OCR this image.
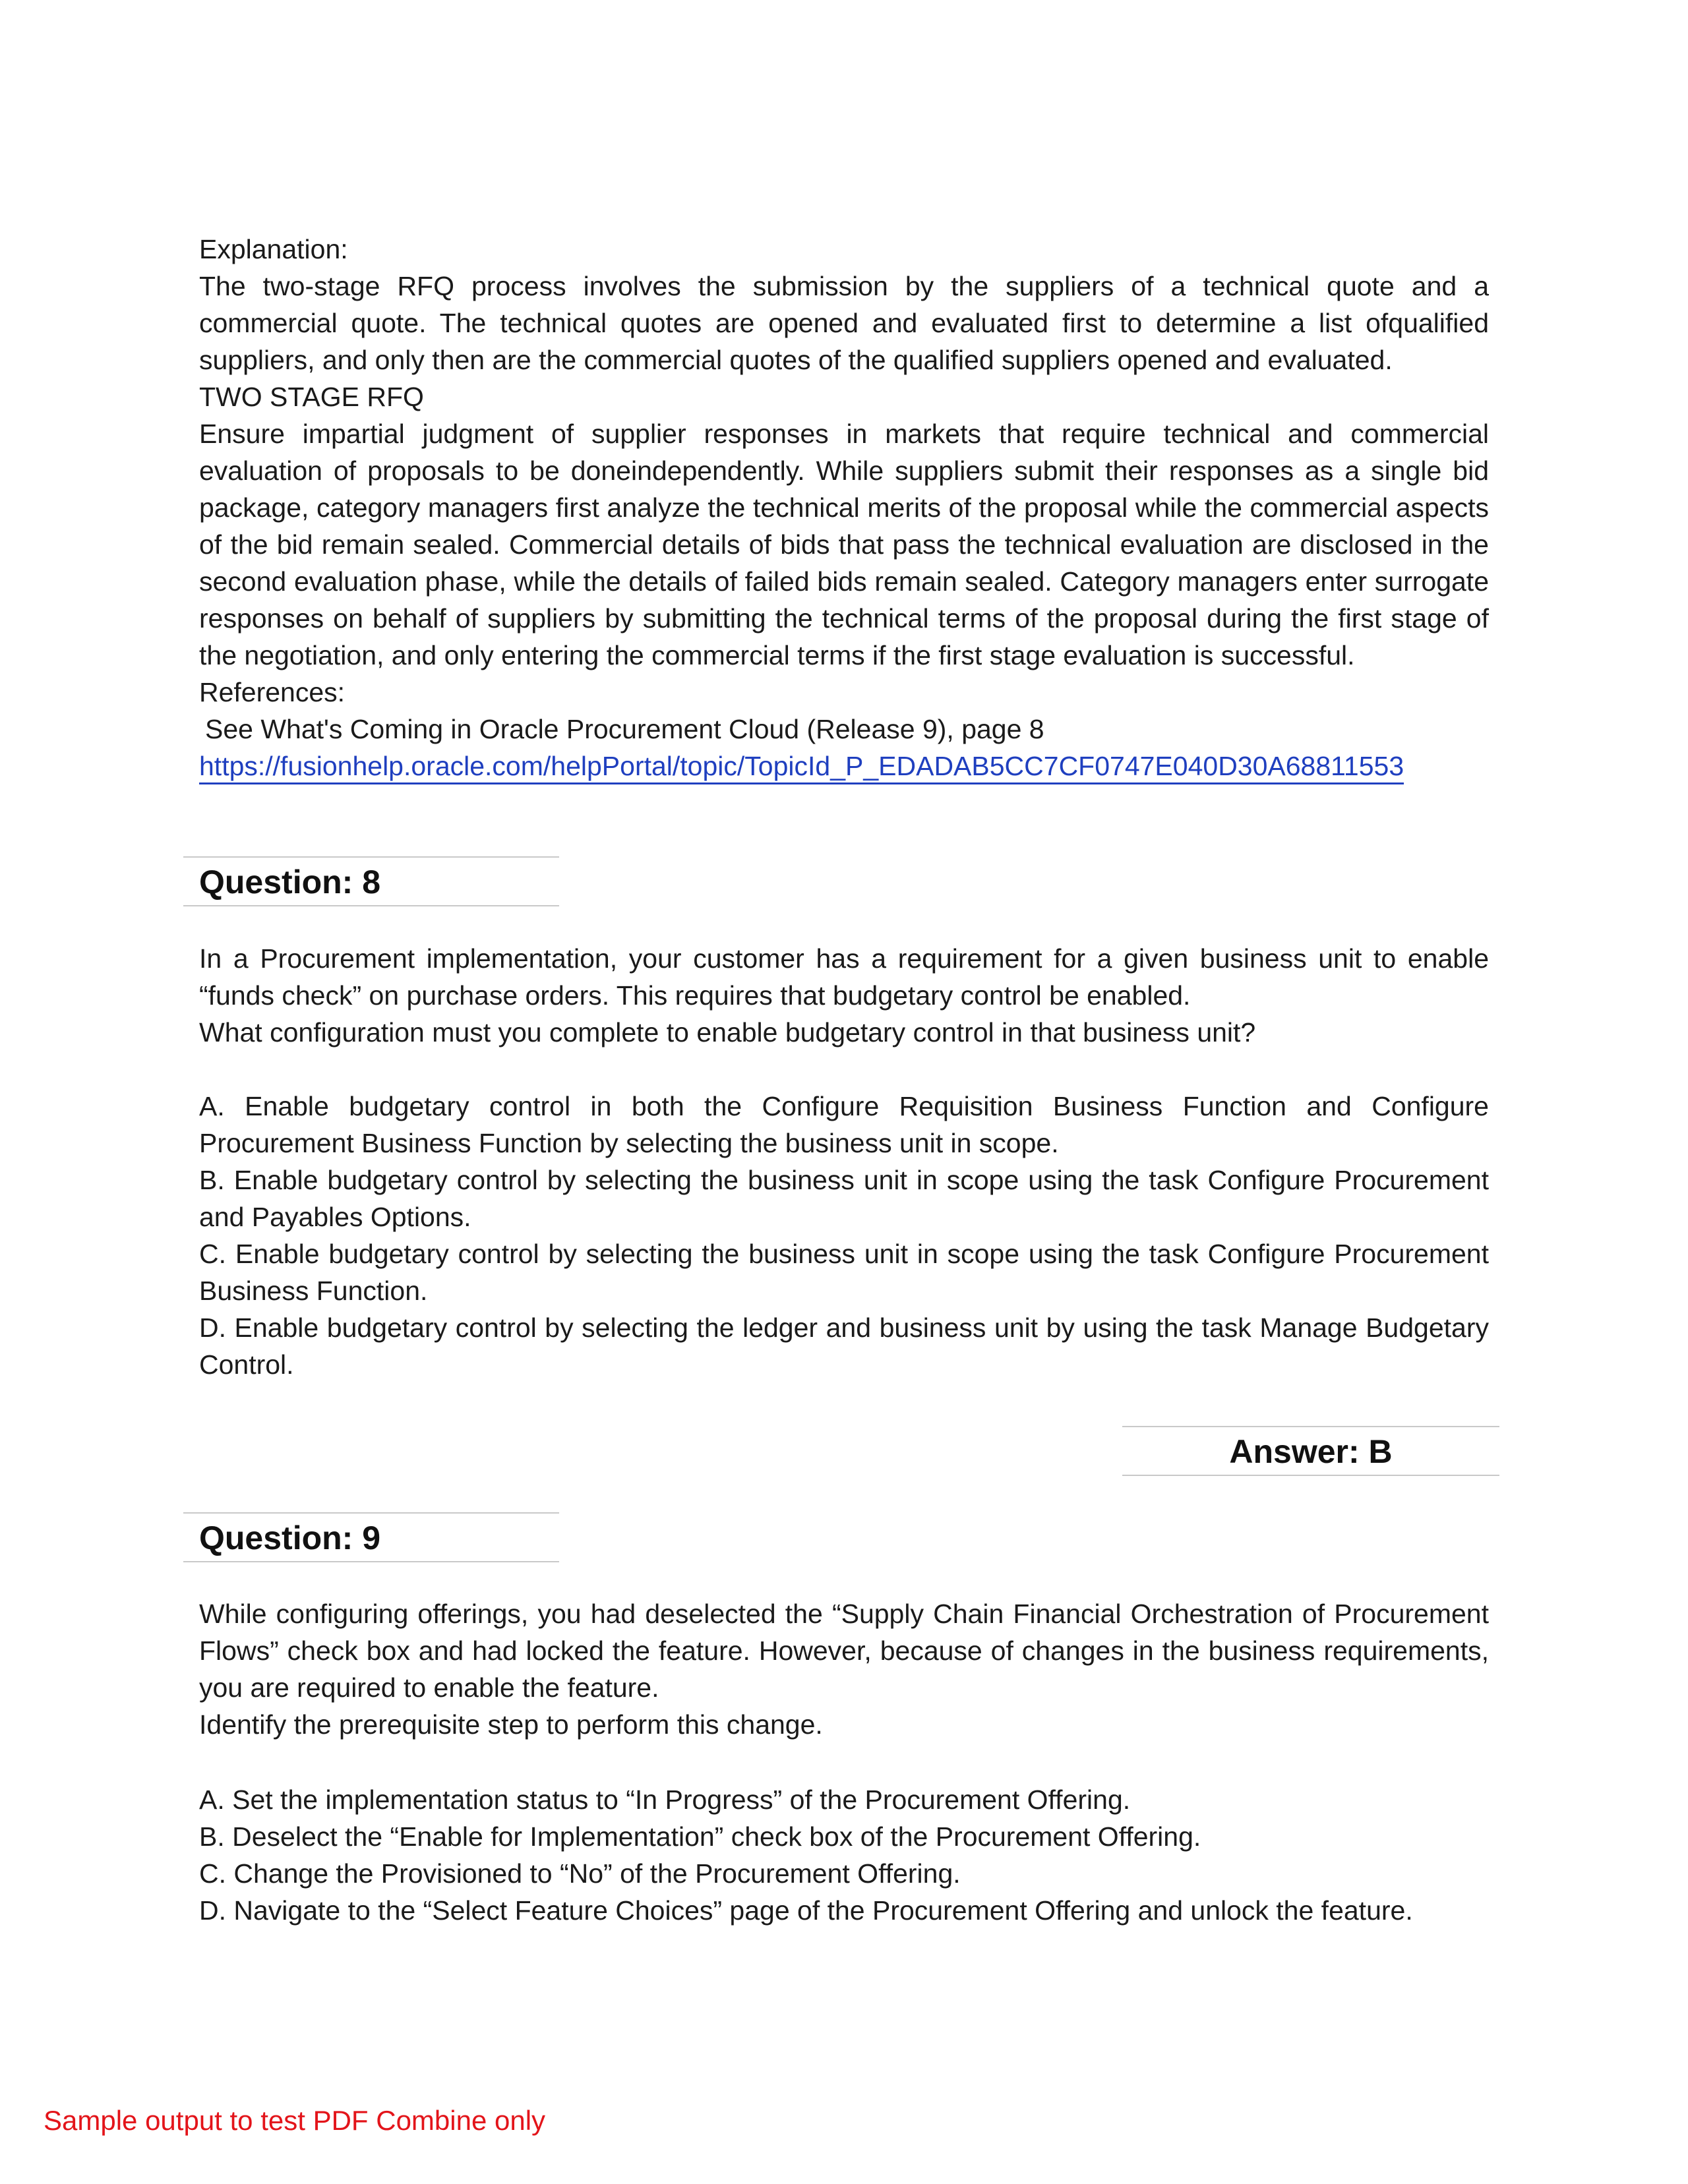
Explanation:

The two-stage RFQ process involves the submission by the suppliers of a technical quote and a commercial quote. The technical quotes are opened and evaluated first to determine a list ofqualified suppliers, and only then are the commercial quotes of the qualified suppliers opened and evaluated.

TWO STAGE RFQ

Ensure impartial judgment of supplier responses in markets that require technical and commercial evaluation of proposals to be doneindependently. While suppliers submit their responses as a single bid package, category managers first analyze the technical merits of the proposal while the commercial aspects of the bid remain sealed. Commercial details of bids that pass the technical evaluation are disclosed in the second evaluation phase, while the details of failed bids remain sealed. Category managers enter surrogate responses on behalf of suppliers by submitting the technical terms of the proposal during the first stage of the negotiation, and only entering the commercial terms if the first stage evaluation is successful.

References:
See What's Coming in Oracle Procurement Cloud (Release 9), page 8
https://fusionhelp.oracle.com/helpPortal/topic/TopicId_P_EDADAB5CC7CF0747E040D30A68811553
Question: 8

In a Procurement implementation, your customer has a requirement for a given business unit to enable “funds check” on purchase orders. This requires that budgetary control be enabled.

What configuration must you complete to enable budgetary control in that business unit?

A. Enable budgetary control in both the Configure Requisition Business Function and Configure Procurement Business Function by selecting the business unit in scope.

B. Enable budgetary control by selecting the business unit in scope using the task Configure Procurement and Payables Options.

C. Enable budgetary control by selecting the business unit in scope using the task Configure Procurement Business Function.

D. Enable budgetary control by selecting the ledger and business unit by using the task Manage Budgetary Control.

Answer: B
Question: 9

While configuring offerings, you had deselected the “Supply Chain Financial Orchestration of Procurement Flows” check box and had locked the feature. However, because of changes in the business requirements, you are required to enable the feature.

Identify the prerequisite step to perform this change.

A. Set the implementation status to “In Progress” of the Procurement Offering.

B. Deselect the “Enable for Implementation” check box of the Procurement Offering.

C. Change the Provisioned to “No” of the Procurement Offering.

D. Navigate to the “Select Feature Choices” page of the Procurement Offering and unlock the feature.

Sample output to test PDF Combine only
